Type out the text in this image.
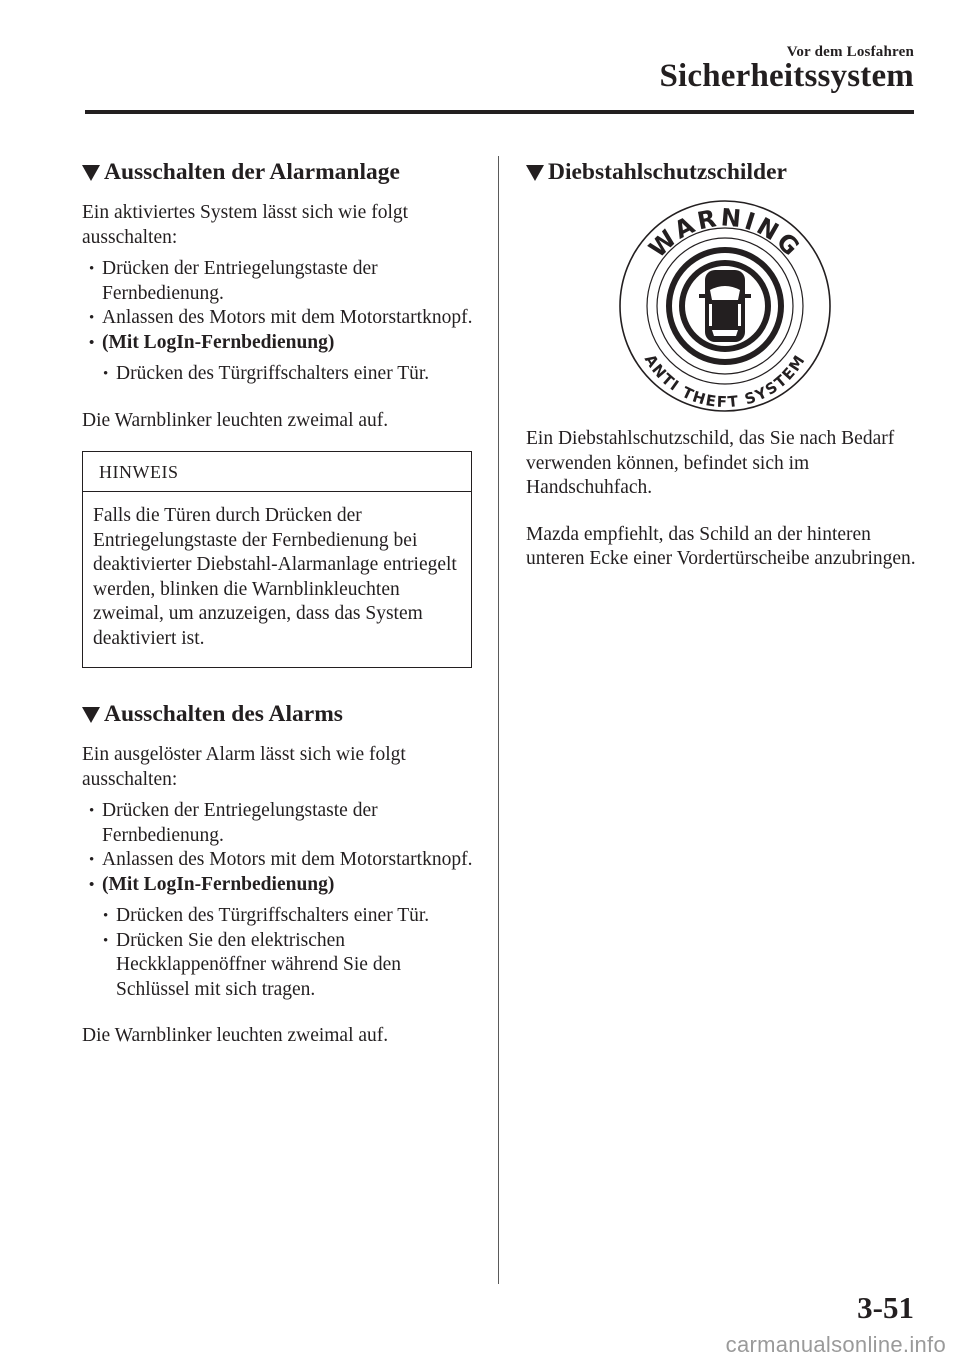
Vor dem Losfahren
Sicherheitssystem
Ausschalten der Alarmanlage

Ein aktiviertes System lässt sich wie folgt ausschalten:

• Drücken der Entriegelungstaste der Fernbedienung.
• Anlassen des Motors mit dem Motorstartknopf.
• (Mit LogIn-Fernbedienung)
• Drücken des Türgriffschalters einer Tür.

Die Warnblinker leuchten zweimal auf.

HINWEIS
Falls die Türen durch Drücken der Entriegelungstaste der Fernbedienung bei deaktivierter Diebstahl-Alarmanlage entriegelt werden, blinken die Warnblinkleuchten zweimal, um anzuzeigen, dass das System deaktiviert ist.
Ausschalten des Alarms

Ein ausgelöster Alarm lässt sich wie folgt ausschalten:

• Drücken der Entriegelungstaste der Fernbedienung.
• Anlassen des Motors mit dem Motorstartknopf.
• (Mit LogIn-Fernbedienung)
• Drücken des Türgriffschalters einer Tür.
• Drücken Sie den elektrischen Heckklappenöffner während Sie den Schlüssel mit sich tragen.

Die Warnblinker leuchten zweimal auf.

Diebstahlschutzschilder
WARNING
ANTI THEFT SYSTEM

Ein Diebstahlschutzschild, das Sie nach Bedarf verwenden können, befindet sich im Handschuhfach.

Mazda empfiehlt, das Schild an der hinteren unteren Ecke einer Vordertürscheibe anzubringen.

3-51
carmanualsonline.info
